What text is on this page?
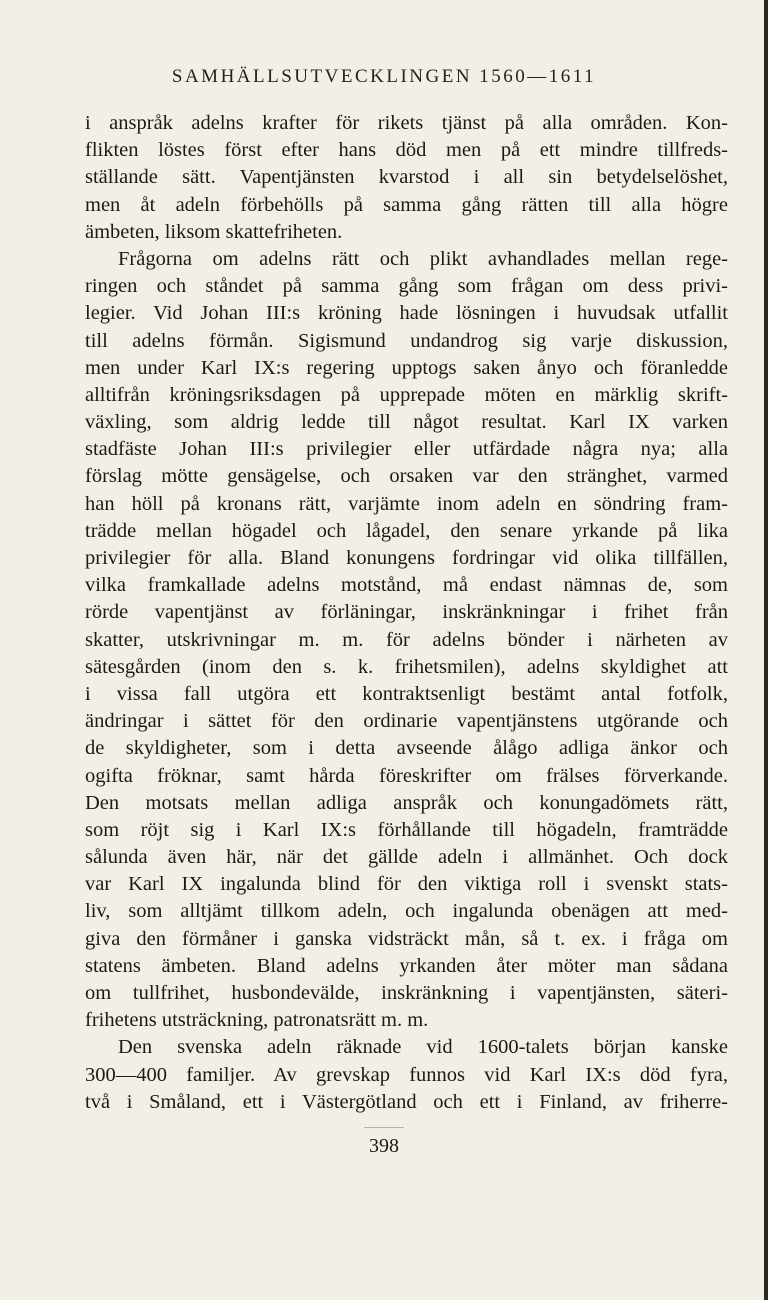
SAMHÄLLSUTVECKLINGEN 1560—1611
i anspråk adelns krafter för rikets tjänst på alla områden. Kon-
flikten löstes först efter hans död men på ett mindre tillfreds-
ställande sätt. Vapentjänsten kvarstod i all sin betydelselöshet,
men åt adeln förbehölls på samma gång rätten till alla högre
ämbeten, liksom skattefriheten.
Frågorna om adelns rätt och plikt avhandlades mellan rege-
ringen och ståndet på samma gång som frågan om dess privi-
legier. Vid Johan III:s kröning hade lösningen i huvudsak utfallit
till adelns förmån. Sigismund undandrog sig varje diskussion,
men under Karl IX:s regering upptogs saken ånyo och föranledde
alltifrån kröningsriksdagen på upprepade möten en märklig skrift-
växling, som aldrig ledde till något resultat. Karl IX varken
stadfäste Johan III:s privilegier eller utfärdade några nya; alla
förslag mötte gensägelse, och orsaken var den stränghet, varmed
han höll på kronans rätt, varjämte inom adeln en söndring fram-
trädde mellan högadel och lågadel, den senare yrkande på lika
privilegier för alla. Bland konungens fordringar vid olika tillfällen,
vilka framkallade adelns motstånd, må endast nämnas de, som
rörde vapentjänst av förläningar, inskränkningar i frihet från
skatter, utskrivningar m. m. för adelns bönder i närheten av
sätesgården (inom den s. k. frihetsmilen), adelns skyldighet att
i vissa fall utgöra ett kontraktsenligt bestämt antal fotfolk,
ändringar i sättet för den ordinarie vapentjänstens utgörande och
de skyldigheter, som i detta avseende ålågo adliga änkor och
ogifta fröknar, samt hårda föreskrifter om frälses förverkande.
Den motsats mellan adliga anspråk och konungadömets rätt,
som röjt sig i Karl IX:s förhållande till högadeln, framträdde
sålunda även här, när det gällde adeln i allmänhet. Och dock
var Karl IX ingalunda blind för den viktiga roll i svenskt stats-
liv, som alltjämt tillkom adeln, och ingalunda obenägen att med-
giva den förmåner i ganska vidsträckt mån, så t. ex. i fråga om
statens ämbeten. Bland adelns yrkanden åter möter man sådana
om tullfrihet, husbondevälde, inskränkning i vapentjänsten, säteri-
frihetens utsträckning, patronatsrätt m. m.
Den svenska adeln räknade vid 1600-talets början kanske
300—400 familjer. Av grevskap funnos vid Karl IX:s död fyra,
två i Småland, ett i Västergötland och ett i Finland, av friherre-
398
